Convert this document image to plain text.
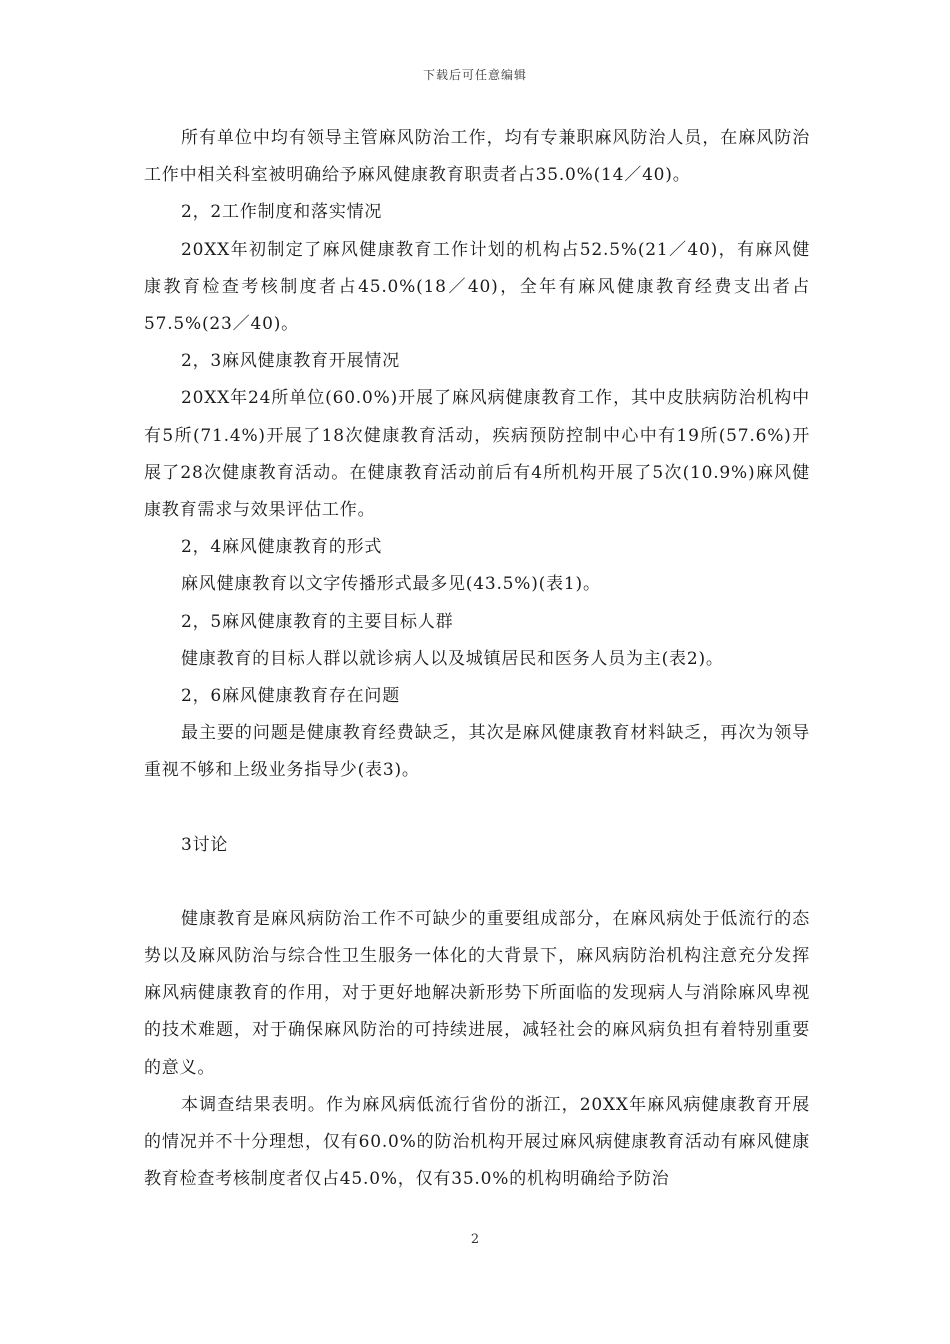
下载后可任意编辑

所有单位中均有领导主管麻风防治工作，均有专兼职麻风防治人员，在麻风防治工作中相关科室被明确给予麻风健康教育职责者占35.0%(14／40)。

2，2工作制度和落实情况

20XX年初制定了麻风健康教育工作计划的机构占52.5%(21／40)，有麻风健康教育检查考核制度者占45.0%(18／40)，全年有麻风健康教育经费支出者占57.5%(23／40)。

2，3麻风健康教育开展情况

20XX年24所单位(60.0%)开展了麻风病健康教育工作，其中皮肤病防治机构中有5所(71.4%)开展了18次健康教育活动，疾病预防控制中心中有19所(57.6%)开展了28次健康教育活动。在健康教育活动前后有4所机构开展了5次(10.9%)麻风健康教育需求与效果评估工作。

2，4麻风健康教育的形式

麻风健康教育以文字传播形式最多见(43.5%)(表1)。

2，5麻风健康教育的主要目标人群

健康教育的目标人群以就诊病人以及城镇居民和医务人员为主(表2)。

2，6麻风健康教育存在问题

最主要的问题是健康教育经费缺乏，其次是麻风健康教育材料缺乏，再次为领导重视不够和上级业务指导少(表3)。

3讨论

健康教育是麻风病防治工作不可缺少的重要组成部分，在麻风病处于低流行的态势以及麻风防治与综合性卫生服务一体化的大背景下，麻风病防治机构注意充分发挥麻风病健康教育的作用，对于更好地解决新形势下所面临的发现病人与消除麻风卑视的技术难题，对于确保麻风防治的可持续进展，减轻社会的麻风病负担有着特别重要的意义。

本调查结果表明。作为麻风病低流行省份的浙江，20XX年麻风病健康教育开展的情况并不十分理想，仅有60.0%的防治机构开展过麻风病健康教育活动有麻风健康教育检查考核制度者仅占45.0%，仅有35.0%的机构明确给予防治

2
